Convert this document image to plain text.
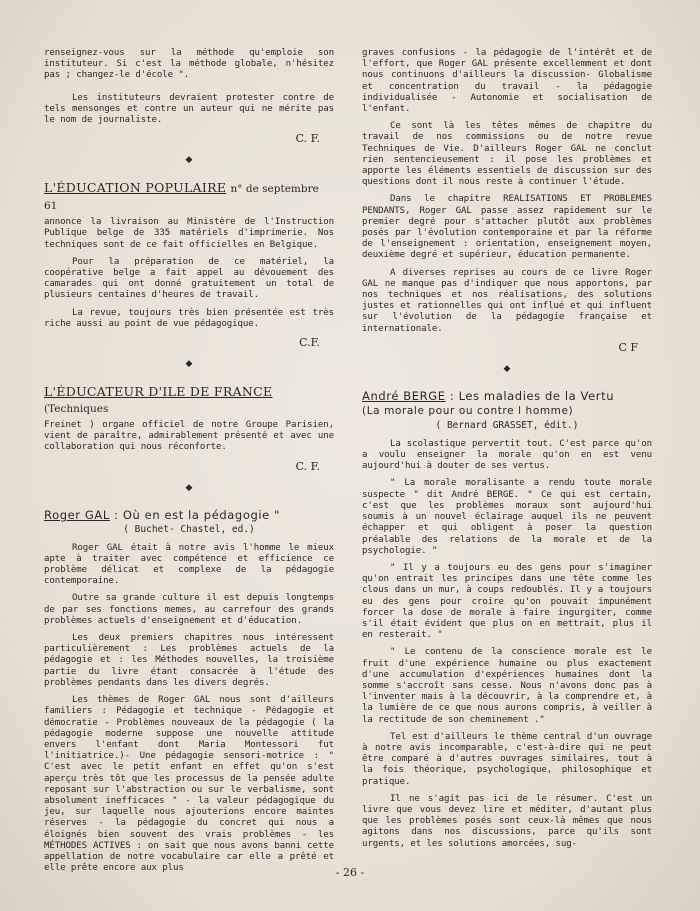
renseignez-vous sur la méthode qu'emploie son instituteur. Si c'est la méthode globale, n'hésitez pas ; changez-le d'école ".

Les instituteurs devraient protester contre de tels mensonges et contre un auteur qui ne mérite pas le nom de journaliste.

C. F.
◆
L'ÉDUCATION POPULAIRE n° de septembre 61

annonce la livraison au Ministère de l'Instruction Publique belge de 335 matériels d'imprimerie. Nos techniques sont de ce fait officielles en Belgique.

Pour la préparation de ce matériel, la coopérative belge a fait appel au dévouement des camarades qui ont donné gratuitement un total de plusieurs centaines d'heures de travail.

La revue, toujours très bien présentée est très riche aussi au point de vue pédagogique.

C.F.
◆
L'ÉDUCATEUR D'ILE DE FRANCE (Techniques

Freinet ) organe officiel de notre Groupe Parisien, vient de paraître, admirablement présenté et avec une collaboration qui nous réconforte.

C. F.
◆
Roger GAL : Où en est la pédagogie "
( Buchet- Chastel, ed.)

Roger GAL était à notre avis l'homme le mieux apte à traiter avec compétence et efficience ce problème délicat et complexe de la pédagogie contemporaine.

Outre sa grande culture il est depuis longtemps de par ses fonctions memes, au carrefour des grands problèmes actuels d'enseignement et d'éducation.

Les deux premiers chapitres nous intéressent particulièrement : Les problèmes actuels de la pédagogie et : les Méthodes nouvelles, la troisième partie du livre étant consacrée à l'étude des problèmes pendants dans les divers degrés.

Les thèmes de Roger GAL nous sont d'ailleurs familiers : Pédagogie et technique - Pédagogie et démocratie - Problèmes nouveaux de la pédagogie ( la pédagogie moderne suppose une nouvelle attitude envers l'enfant dont Maria Montessori fut l'initiatrice.)- Une pédagogie sensori-motrice : " C'est avec le petit enfant en effet qu'on s'est aperçu très tôt que les processus de la pensée adulte reposant sur l'abstraction ou sur le verbalisme, sont absolument inefficaces " - la valeur pédagogique du jeu, sur laquelle nous ajouterions encore maintes réserves - la pédagogie du concret qui nous a éloignés bien souvent des vrais problèmes - les MÉTHODES ACTIVES : on sait que nous avons banni cette appellation de notre vocabulaire car elle a prêté et elle prête encore aux plus

graves confusions - la pédagogie de l'intérêt et de l'effort, que Roger GAL présente excellemment et dont nous continuons d'ailleurs la discussion- Globalisme et concentration du travail - la pédagogie individualisée - Autonomie et socialisation de l'enfant.

Ce sont là les têtes mêmes de chapitre du travail de nos commissions ou de notre revue Techniques de Vie. D'ailleurs Roger GAL ne conclut rien sentencieusement : il pose les problèmes et apporte les éléments essentiels de discussion sur des questions dont il nous reste à continuer l'étude.

Dans le chapitre REALISATIONS ET PROBLEMES PENDANTS, Roger GAL passe assez rapidement sur le premier degré pour s'attacher plutôt aux problèmes posés par l'évolution contemporaine et par la réforme de l'enseignement : orientation, enseignement moyen, deuxième degré et supérieur, éducation permanente.

A diverses reprises au cours de ce livre Roger GAL ne manque pas d'indiquer que nous apportons, par nos techniques et nos réalisations, des solutions justes et rationnelles qui ont influé et qui influent sur l'évolution de la pédagogie française et internationale.

C F
◆
André BERGE : Les maladies de la Vertu
(La morale pour ou contre l homme)
( Bernard GRASSET, édit.)

La scolastique pervertit tout. C'est parce qu'on a voulu enseigner la morale qu'on en est venu aujourd'hui à douter de ses vertus.

" La morale moralisante a rendu toute morale suspecte " dit André BERGE. " Ce qui est certain, c'est que les problèmes moraux sont aujourd'hui soumis à un nouvel éclairage auquel ils ne peuvent échapper et qui obligent à poser la question préalable des relations de la morale et de la psychologie. "

" Il y a toujours eu des gens pour s'imaginer qu'on entrait les principes dans une tête comme les clous dans un mur, à coups redoublés. Il y a toujours eu des gens pour croire qu'on pouvait impunément forcer la dose de morale à faire ingurgiter, comme s'il était évident que plus on en mettrait, plus il en resterait. "

" Le contenu de la conscience morale est le fruit d'une expérience humaine ou plus exactement d'une accumulation d'expériences humaines dont la somme s'accroît sans cesse. Nous n'avons donc pas à l'inventer mais à la découvrir, à la comprendre et, à la lumière de ce que nous aurons compris, à veiller à la rectitude de son cheminement ."

Tel est d'ailleurs le thème central d'un ouvrage à notre avis incomparable, c'est-à-dire qui ne peut être comparé à d'autres ouvrages similaires, tout à la fois théorique, psychologique, philosophique et pratique.

Il ne s'agit pas ici de le résumer. C'est un livre que vous devez lire et méditer, d'autant plus que les problèmes posés sont ceux-là mêmes que nous agitons dans nos discussions, parce qu'ils sont urgents, et les solutions amorcées, sug-

- 26 -
